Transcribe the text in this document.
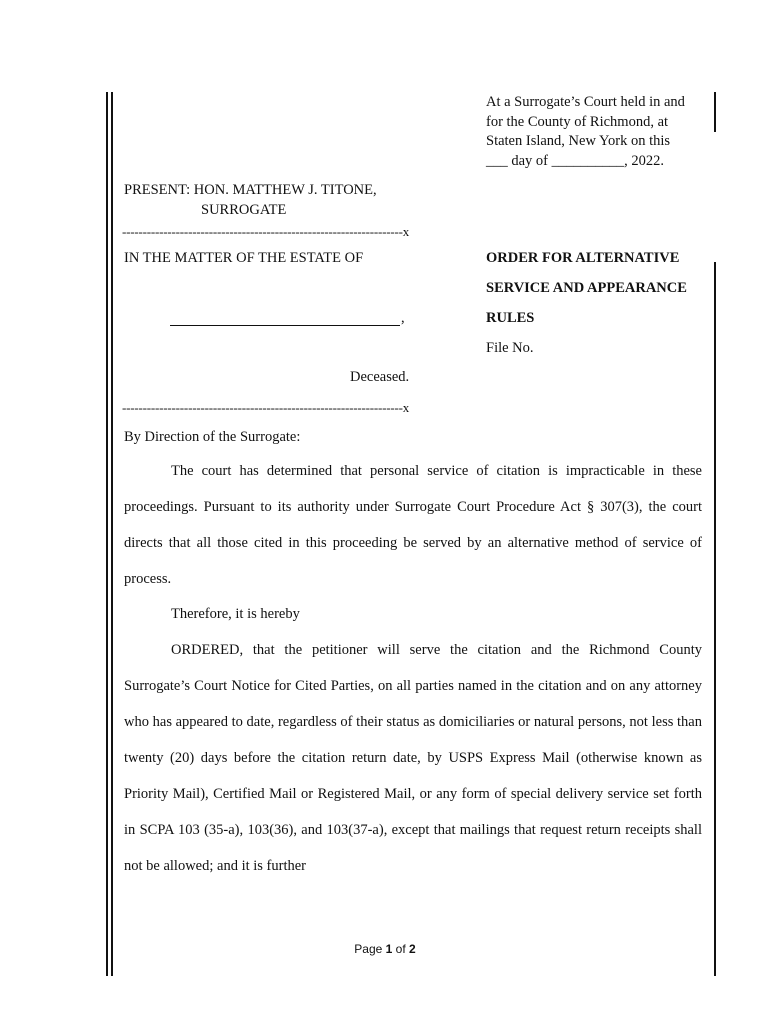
At a Surrogate’s Court held in and
for the County of Richmond, at
Staten Island, New York on this
___ day of __________, 2022.
PRESENT: HON. MATTHEW J. TITONE,
SURROGATE
--------------------------------------------------------------------x
IN THE MATTER OF THE ESTATE OF	ORDER FOR ALTERNATIVE
SERVICE AND APPEARANCE
RULES
File No.
,
Deceased.
--------------------------------------------------------------------x
By Direction of the Surrogate:

The court has determined that personal service of citation is impracticable in these proceedings. Pursuant to its authority under Surrogate Court Procedure Act § 307(3), the court directs that all those cited in this proceeding be served by an alternative method of service of process.

Therefore, it is hereby

ORDERED, that the petitioner will serve the citation and the Richmond County Surrogate’s Court Notice for Cited Parties, on all parties named in the citation and on any attorney who has appeared to date, regardless of their status as domiciliaries or natural persons, not less than twenty (20) days before the citation return date, by USPS Express Mail (otherwise known as Priority Mail), Certified Mail or Registered Mail, or any form of special delivery service set forth in SCPA 103 (35-a), 103(36), and 103(37-a), except that mailings that request return receipts shall not be allowed; and it is further

Page 1 of 2
